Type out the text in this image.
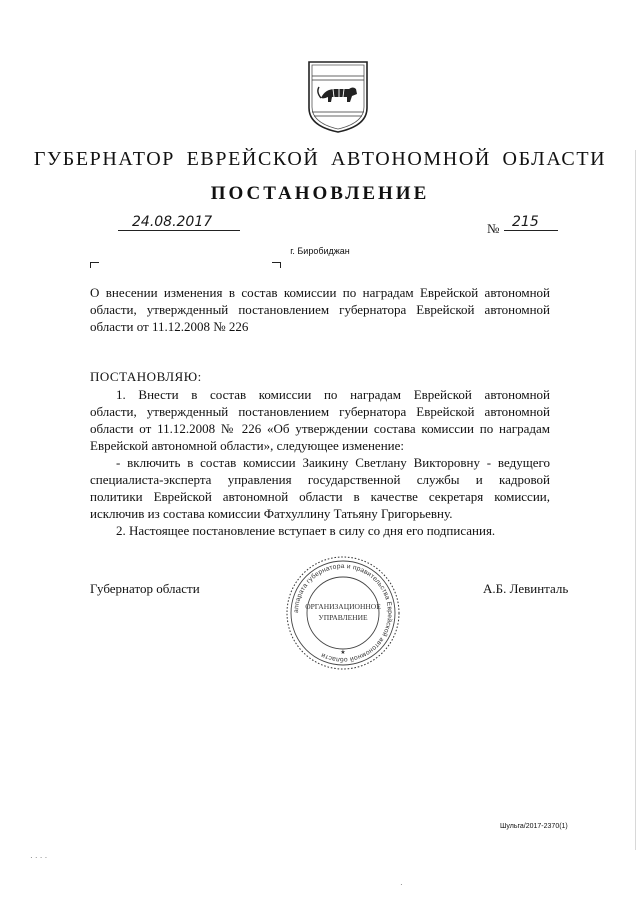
ГУБЕРНАТОР ЕВРЕЙСКОЙ АВТОНОМНОЙ ОБЛАСТИ
ПОСТАНОВЛЕНИЕ
24.08.2017	№ 215
г. Биробиджан
О внесении изменения в состав комиссии по наградам Еврейской автономной
области, утвержденный постановлением губернатора Еврейской автономной
области от 11.12.2008 № 226
ПОСТАНОВЛЯЮ:
1. Внести в состав комиссии по наградам Еврейской автономной
области, утвержденный постановлением губернатора Еврейской автономной
области от 11.12.2008 № 226 «Об утверждении состава комиссии по наградам
Еврейской автономной области», следующее изменение:
- включить в состав комиссии Заикину Светлану Викторовну - ведущего
специалиста-эксперта управления государственной службы и кадровой
политики Еврейской автономной области в качестве секретаря комиссии,
исключив из состава комиссии Фатхуллину Татьяну Григорьевну.
2. Настоящее постановление вступает в силу со дня его подписания.
Губернатор области	А.Б. Левинталь
аппарата губернатора и правительства Еврейской автономной области
ОРГАНИЗАЦИОННОЕ
УПРАВЛЕНИЕ
★
Шульга/2017-2370(1)
· · · ·
·
